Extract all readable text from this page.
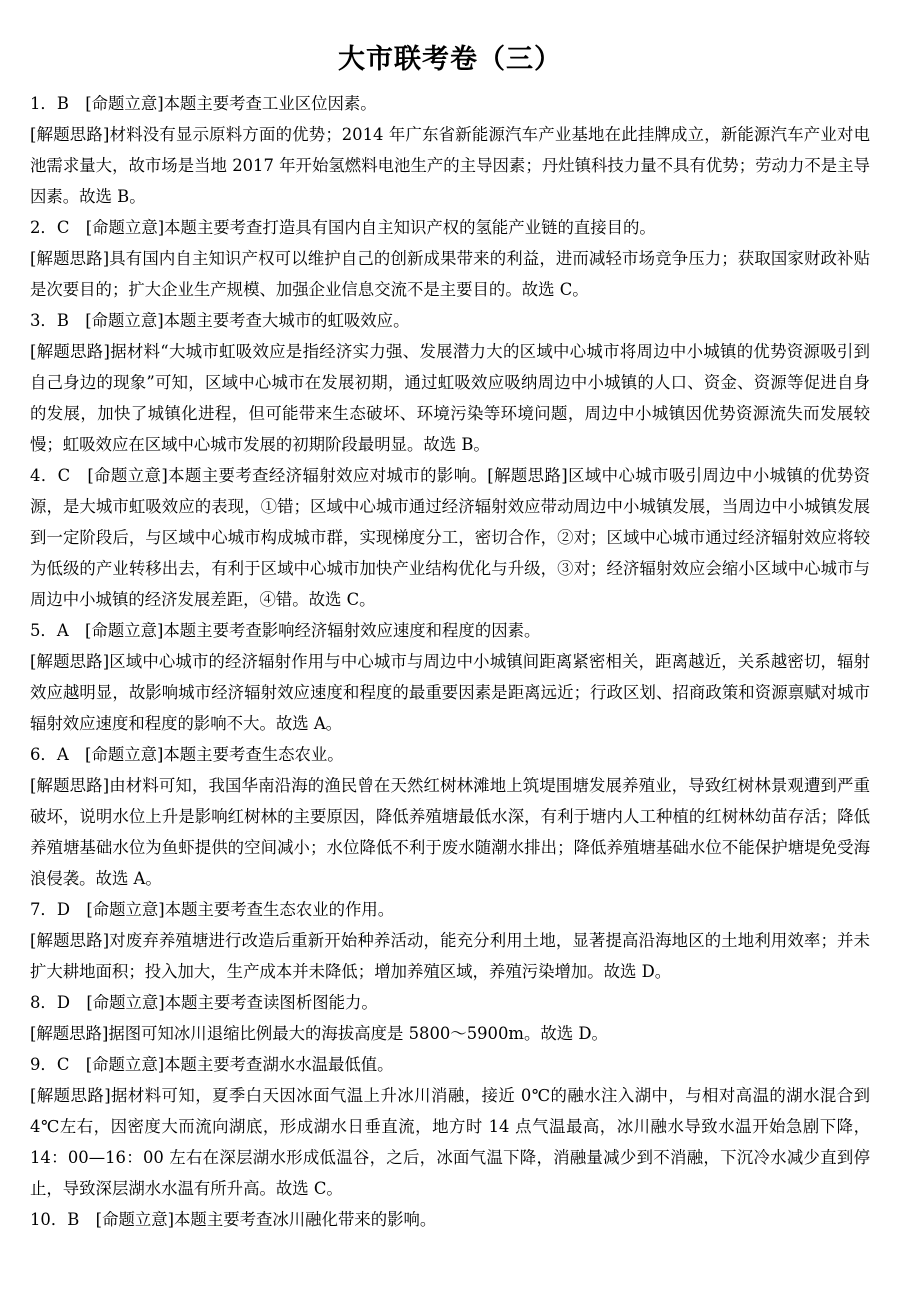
大市联考卷（三）

1．B　[命题立意]本题主要考查工业区位因素。

[解题思路]材料没有显示原料方面的优势；2014 年广东省新能源汽车产业基地在此挂牌成立，新能源汽车产业对电池需求量大，故市场是当地 2017 年开始氢燃料电池生产的主导因素；丹灶镇科技力量不具有优势；劳动力不是主导因素。故选 B。

2．C　[命题立意]本题主要考查打造具有国内自主知识产权的氢能产业链的直接目的。

[解题思路]具有国内自主知识产权可以维护自己的创新成果带来的利益，进而减轻市场竞争压力；获取国家财政补贴是次要目的；扩大企业生产规模、加强企业信息交流不是主要目的。故选 C。

3．B　[命题立意]本题主要考查大城市的虹吸效应。

[解题思路]据材料“大城市虹吸效应是指经济实力强、发展潜力大的区域中心城市将周边中小城镇的优势资源吸引到自己身边的现象”可知，区域中心城市在发展初期，通过虹吸效应吸纳周边中小城镇的人口、资金、资源等促进自身的发展，加快了城镇化进程，但可能带来生态破坏、环境污染等环境问题，周边中小城镇因优势资源流失而发展较慢；虹吸效应在区域中心城市发展的初期阶段最明显。故选 B。

4．C　[命题立意]本题主要考查经济辐射效应对城市的影响。[解题思路]区域中心城市吸引周边中小城镇的优势资源，是大城市虹吸效应的表现，①错；区域中心城市通过经济辐射效应带动周边中小城镇发展，当周边中小城镇发展到一定阶段后，与区域中心城市构成城市群，实现梯度分工，密切合作，②对；区域中心城市通过经济辐射效应将较为低级的产业转移出去，有利于区域中心城市加快产业结构优化与升级，③对；经济辐射效应会缩小区域中心城市与周边中小城镇的经济发展差距，④错。故选 C。

5．A　[命题立意]本题主要考查影响经济辐射效应速度和程度的因素。

[解题思路]区域中心城市的经济辐射作用与中心城市与周边中小城镇间距离紧密相关，距离越近，关系越密切，辐射效应越明显，故影响城市经济辐射效应速度和程度的最重要因素是距离远近；行政区划、招商政策和资源禀赋对城市辐射效应速度和程度的影响不大。故选 A。

6．A　[命题立意]本题主要考查生态农业。

[解题思路]由材料可知，我国华南沿海的渔民曾在天然红树林滩地上筑堤围塘发展养殖业，导致红树林景观遭到严重破坏，说明水位上升是影响红树林的主要原因，降低养殖塘最低水深，有利于塘内人工种植的红树林幼苗存活；降低养殖塘基础水位为鱼虾提供的空间减小；水位降低不利于废水随潮水排出；降低养殖塘基础水位不能保护塘堤免受海浪侵袭。故选 A。

7．D　[命题立意]本题主要考查生态农业的作用。

[解题思路]对废弃养殖塘进行改造后重新开始种养活动，能充分利用土地，显著提高沿海地区的土地利用效率；并未扩大耕地面积；投入加大，生产成本并未降低；增加养殖区域，养殖污染增加。故选 D。

8．D　[命题立意]本题主要考查读图析图能力。

[解题思路]据图可知冰川退缩比例最大的海拔高度是 5800～5900m。故选 D。

9．C　[命题立意]本题主要考查湖水水温最低值。

[解题思路]据材料可知，夏季白天因冰面气温上升冰川消融，接近 0℃的融水注入湖中，与相对高温的湖水混合到 4℃左右，因密度大而流向湖底，形成湖水日垂直流，地方时 14 点气温最高，冰川融水导致水温开始急剧下降，14：00—16：00 左右在深层湖水形成低温谷，之后，冰面气温下降，消融量减少到不消融，下沉冷水减少直到停止，导致深层湖水水温有所升高。故选 C。

10．B　[命题立意]本题主要考查冰川融化带来的影响。
